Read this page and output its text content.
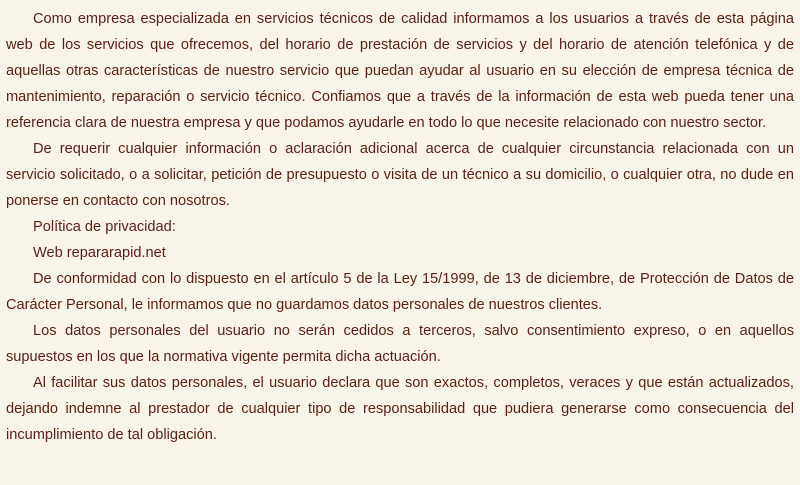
Como empresa especializada en servicios técnicos de calidad informamos a los usuarios a través de esta página web de los servicios que ofrecemos, del horario de prestación de servicios y del horario de atención telefónica y de aquellas otras características de nuestro servicio que puedan ayudar al usuario en su elección de empresa técnica de mantenimiento, reparación o servicio técnico. Confiamos que a través de la información de esta web pueda tener una referencia clara de nuestra empresa y que podamos ayudarle en todo lo que necesite relacionado con nuestro sector.

De requerir cualquier información o aclaración adicional acerca de cualquier circunstancia relacionada con un servicio solicitado, o a solicitar, petición de presupuesto o visita de un técnico a su domicilio, o cualquier otra, no dude en ponerse en contacto con nosotros.

Política de privacidad:

Web repararapid.net

De conformidad con lo dispuesto en el artículo 5 de la Ley 15/1999, de 13 de diciembre, de Protección de Datos de Carácter Personal, le informamos que no guardamos datos personales de nuestros clientes.

Los datos personales del usuario no serán cedidos a terceros, salvo consentimiento expreso, o en aquellos supuestos en los que la normativa vigente permita dicha actuación.

Al facilitar sus datos personales, el usuario declara que son exactos, completos, veraces y que están actualizados, dejando indemne al prestador de cualquier tipo de responsabilidad que pudiera generarse como consecuencia del incumplimiento de tal obligación.
